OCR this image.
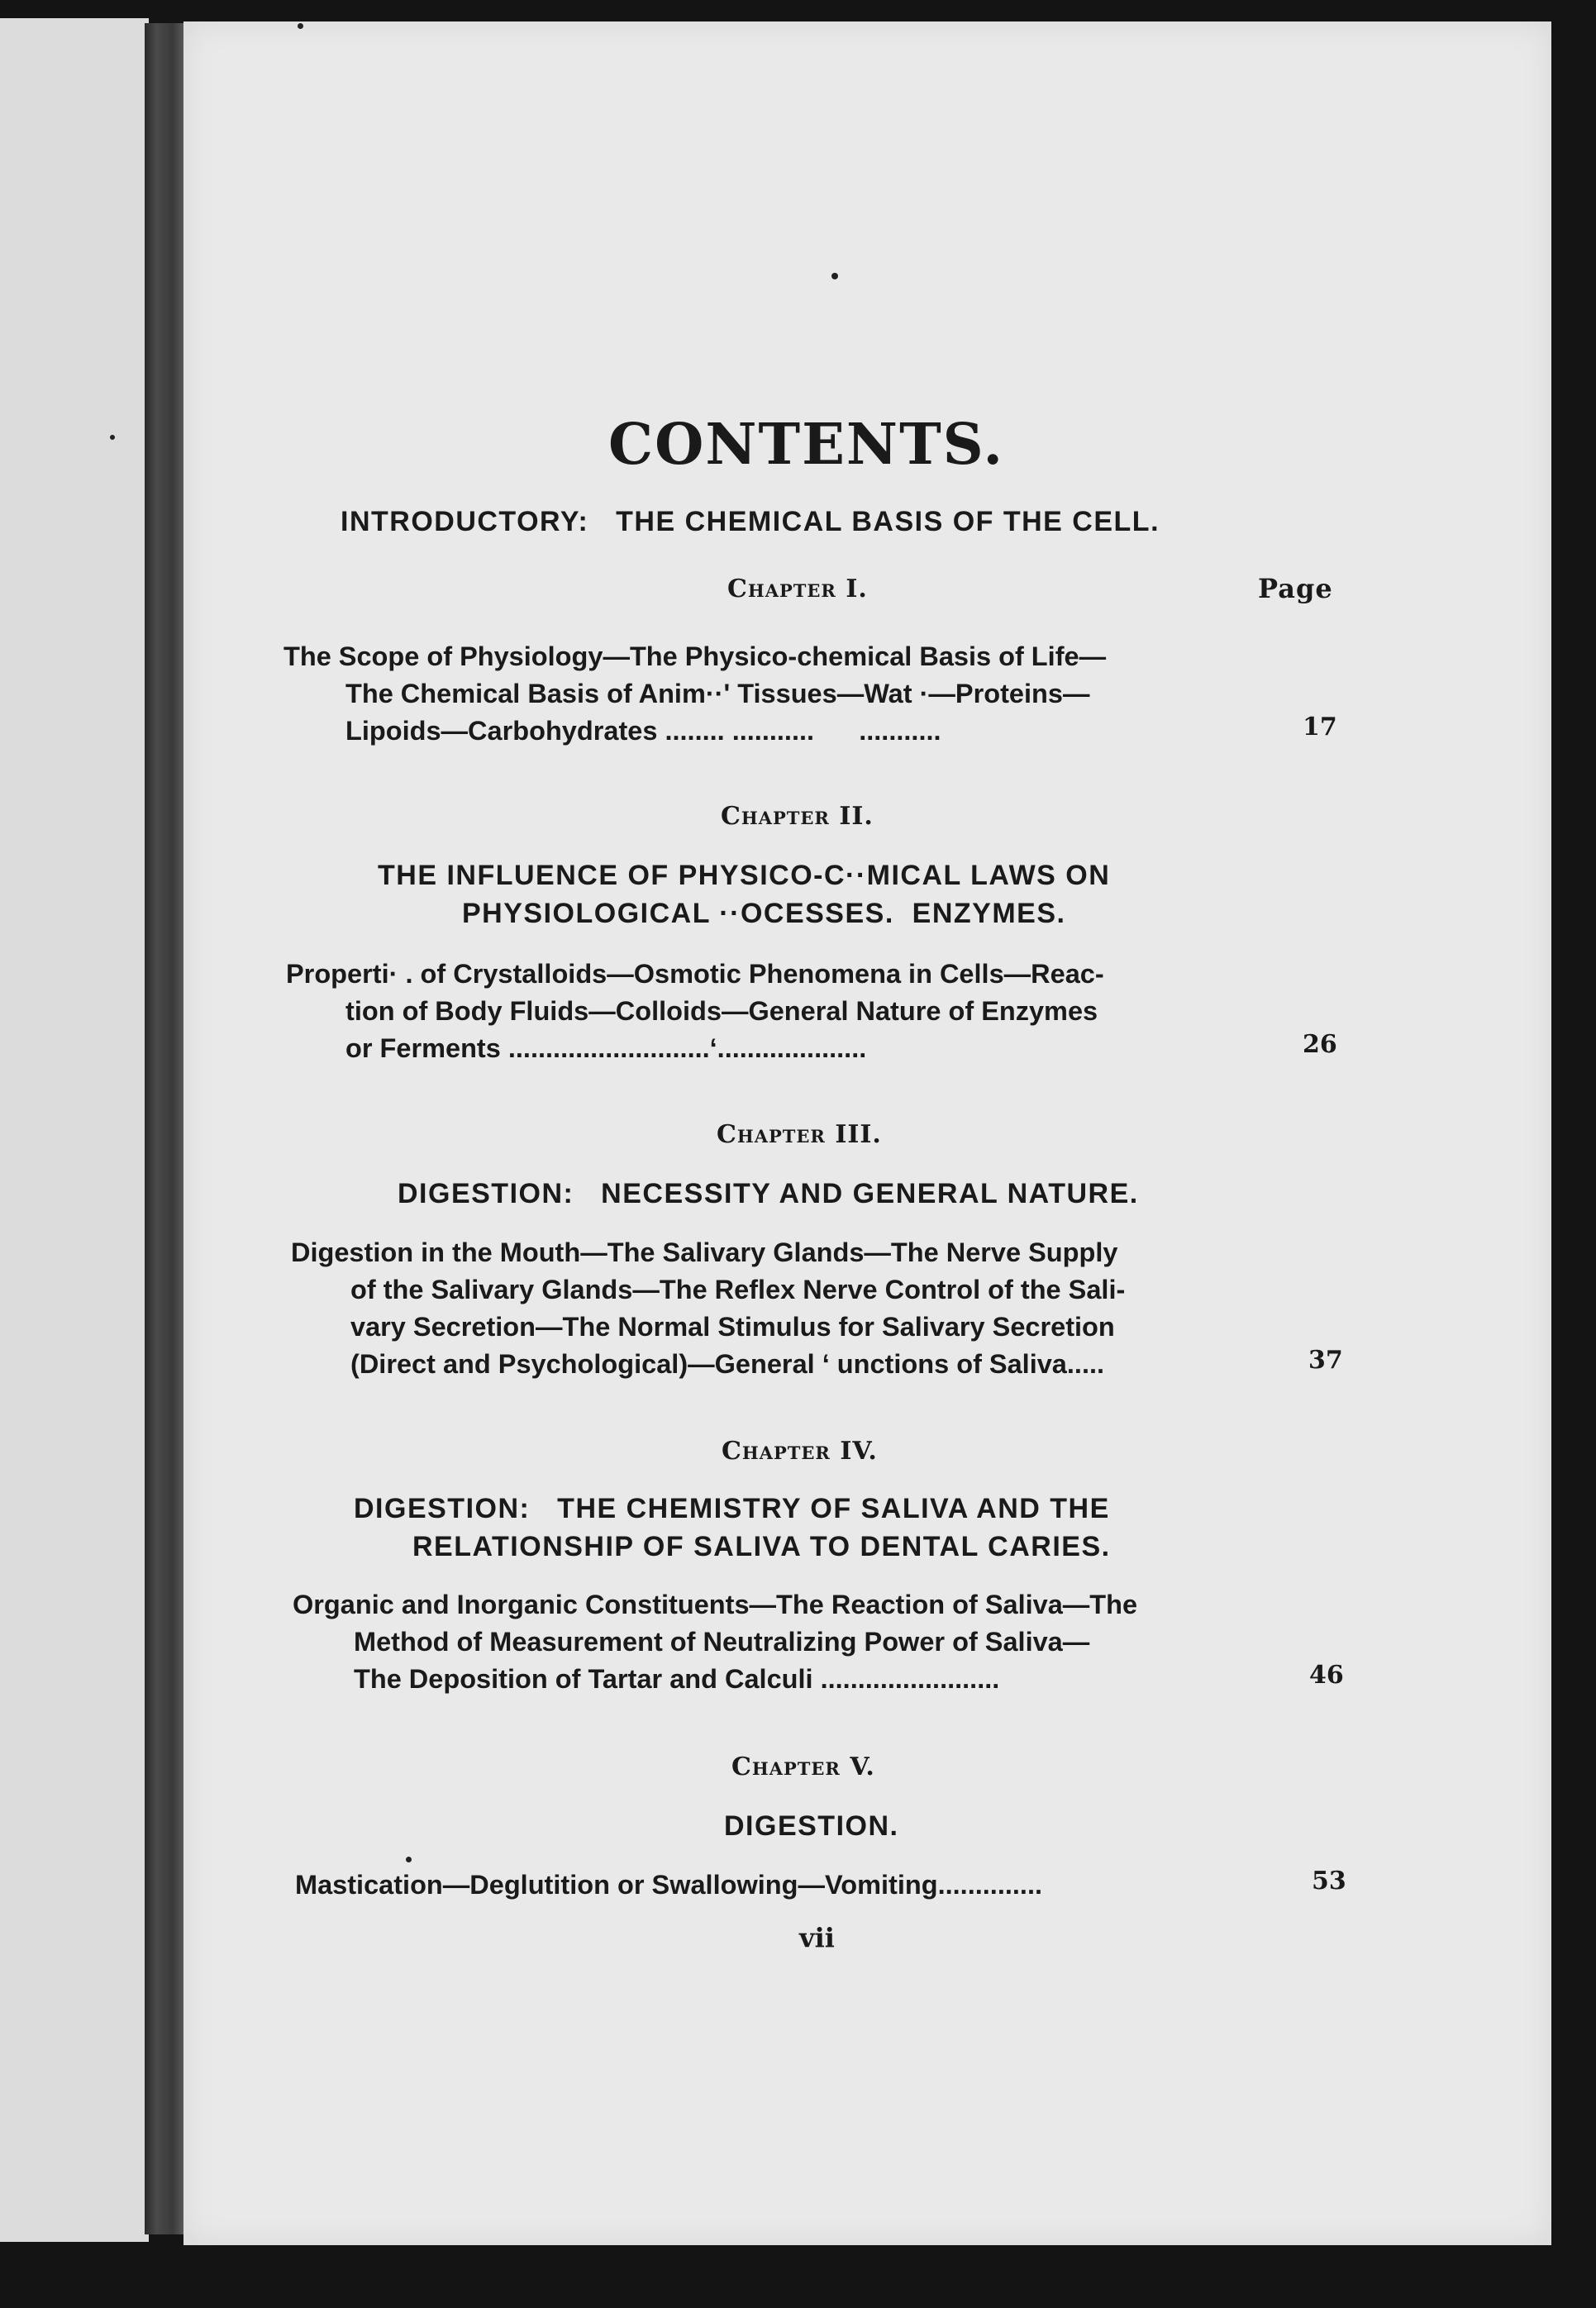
CONTENTS.
INTRODUCTORY:   THE CHEMICAL BASIS OF THE CELL.
Chapter I.	Page
The Scope of Physiology—The Physico-chemical Basis of Life—
The Chemical Basis of Anim··' Tissues—Wat ·—Proteins—
Lipoids—Carbohydrates ........ ...........      ...........	17
Chapter II.
THE INFLUENCE OF PHYSICO-C··MICAL LAWS ON
PHYSIOLOGICAL ··OCESSES.  ENZYMES.
Properti· . of Crystalloids—Osmotic Phenomena in Cells—Reac-
tion of Body Fluids—Colloids—General Nature of Enzymes
or Ferments ...........................‘....................	26
Chapter III.
DIGESTION:   NECESSITY AND GENERAL NATURE.
Digestion in the Mouth—The Salivary Glands—The Nerve Supply
of the Salivary Glands—The Reflex Nerve Control of the Sali-
vary Secretion—The Normal Stimulus for Salivary Secretion
(Direct and Psychological)—General ‘ unctions of Saliva.....	37
Chapter IV.
DIGESTION:   THE CHEMISTRY OF SALIVA AND THE
RELATIONSHIP OF SALIVA TO DENTAL CARIES.
Organic and Inorganic Constituents—The Reaction of Saliva—The
Method of Measurement of Neutralizing Power of Saliva—
The Deposition of Tartar and Calculi ........................	46
Chapter V.
DIGESTION.
Mastication—Deglutition or Swallowing—Vomiting..............	53
vii
